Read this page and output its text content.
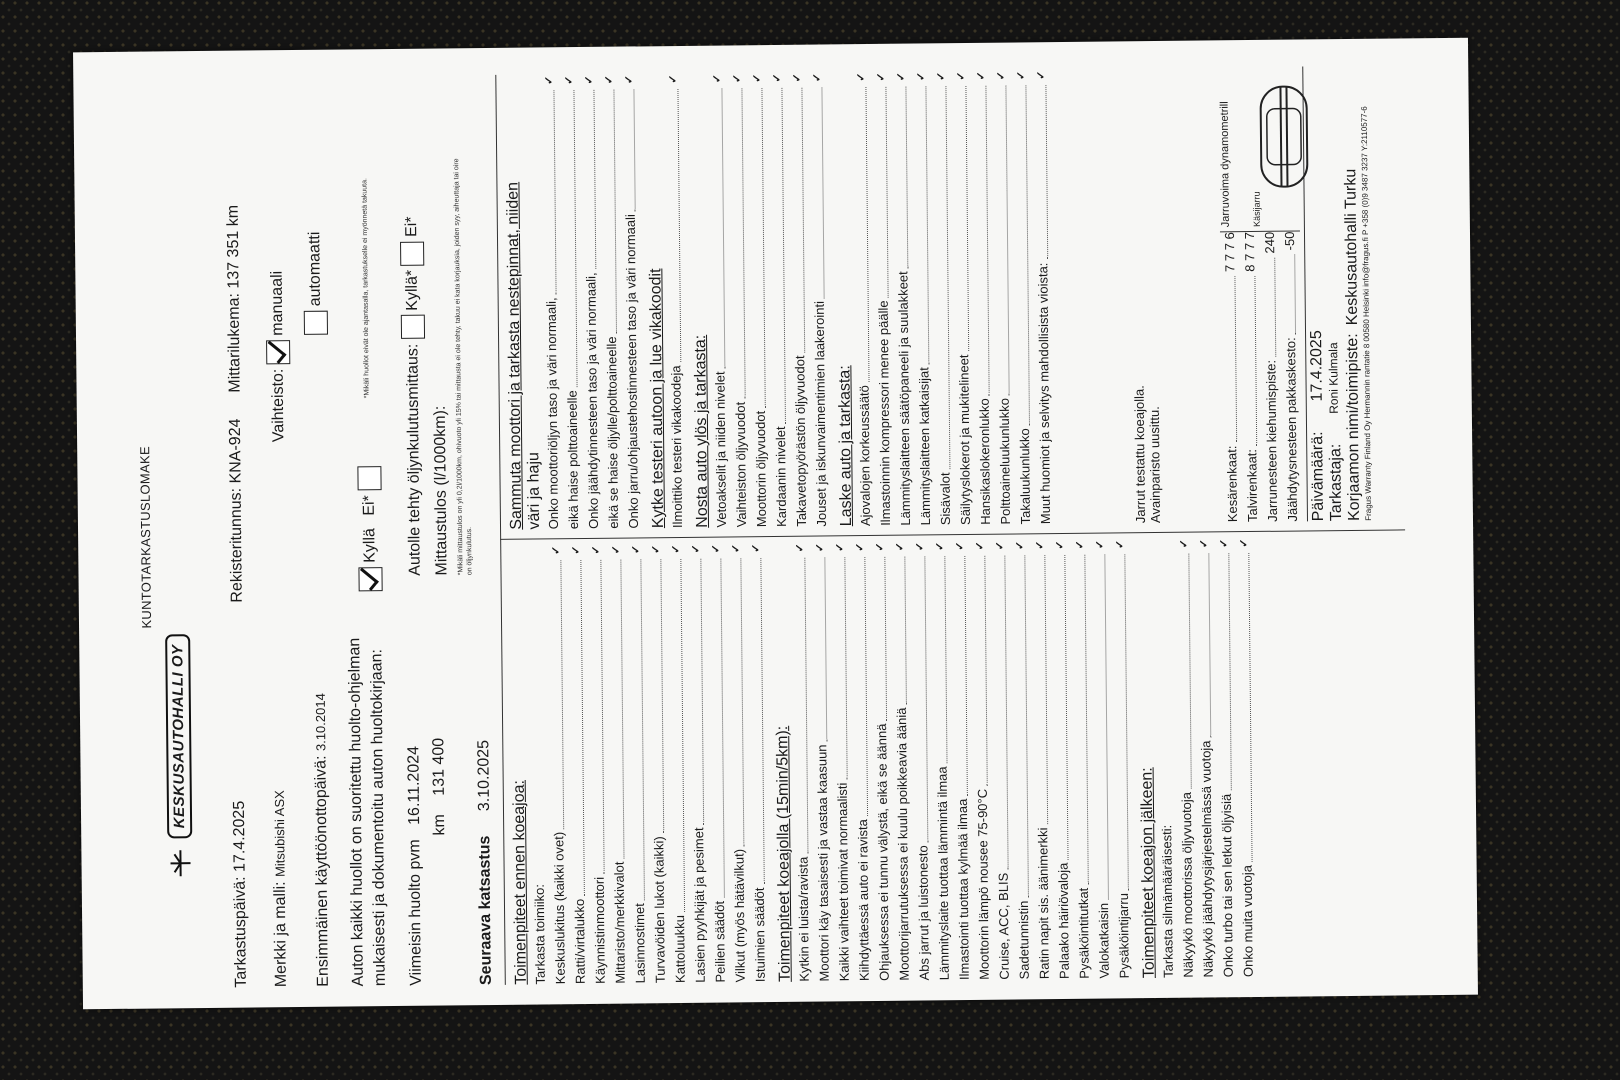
KUNTOTARKASTUSLOMAKE
KESKUSAUTOHALLI OY
Tarkastuspäivä: 17.4.2025
Rekisteritunnus: KNA-924
Mittarilukema: 137 351 km
Merkki ja malli: Mitsubishi ASX
Vaihteisto:  manuaali	automaatti
Ensimmäinen käyttöönottopäivä: 3.10.2014 Auton kaikki huollot on suoritettu huolto-ohjelman mukaisesti ja dokumentoitu auton huoltokirjaan:
Kyllä Ei*
*Mikäli huollot eivät ole ajantasalla, tarkastukselle ei myönnetä takuuta.
Viimeisin huolto pvm 16.11.2024 km 131 400
Autolle tehty öljynkulutusmittaus:  Kyllä*  Ei*
Mittaustulos (l/1000km): *Mikäli mittaustulos on yli 0,2l/1000km, ohivuoto yli 15% tai mittausta ei ole tehty, takuu ei kata korjauksia, joiden syy, aiheuttaja tai oire on öljynkulutus.
Seuraava katsastus 3.10.2025
Toimenpiteet ennen koeajoa: Tarkasta toimiiko: Keskuslukitus (kaikki ovet)
✓
Ratti/virtalukko
✓
Käynnistinmoottori
✓
Mittaristo/merkkivalot
✓
Lasinnostimet
✓
Turvavöiden lukot (kaikki)
✓
Kattoluukku
✓
Lasien pyyhkijät ja pesimet
✓
Peilien säädöt
✓
Vilkut (myös hätävilkut)
✓
Istuimien säädöt
✓
Toimenpiteet koeajolla (15min/5km): Kytkin ei luista/ravista
✓
Moottori käy tasaisesti ja vastaa kaasuun
✓
Kaikki vaihteet toimivat normaalisti
✓
Kiihdyttäessä auto ei ravista
✓
Ohjauksessa ei tunnu välystä, eikä se äännä
✓
Moottorijarrutuksessa ei kuulu poikkeavia ääniä
✓
Abs jarrut ja luistonesto
✓
Lämmityslaite tuottaa lämmintä ilmaa
✓
Ilmastointi tuottaa kylmää ilmaa
✓
Moottorin lämpö nousee 75-90°C
✓
Cruise, ACC, BLIS
✓
Sadetunnistin
✓
Ratin napit sis. äänimerkki
✓
Palaako häiriövaloja
✓
Pysäköintitutkat
✓
Valokatkaisin
✓
Pysäköintijarru
✓
Toimenpiteet koeajon jälkeen: Tarkasta silmämääräisesti: Näkyykö moottorissa öljyvuotoja
✓
Näkyykö jäähdytysjärjestelmässä vuotoja
✓
Onko turbo tai sen letkut öljyisiä
✓
Onko muita vuotoja
✓
Sammuta moottori ja tarkasta nestepinnat, niiden väri ja haju Onko moottoriöljyn taso ja väri normaali,
✓
eikä haise polttoaineelle
✓
Onko jäähdytinnesteen taso ja väri normaali,
✓
eikä se haise öljylle/polttoaineelle
✓
Onko jarru/ohjaustehostinnesteen taso ja väri normaali
✓
Kytke testeri autoon ja lue vikakoodit Ilmoittiko testeri vikakoodeja
✓
Nosta auto ylös ja tarkasta: Vetoakselit ja niiden nivelet
✓
Vaihteiston öljyvuodot
✓
Moottorin öljyvuodot
✓
Kardaanin nivelet
✓
Takavetopyörästön öljyvuodot
✓
Jouset ja iskunvaimentimien laakerointi
✓
Laske auto ja tarkasta: Ajovalojen korkeussäätö
✓
Ilmastoinnin kompressori menee päälle
✓
Lämmityslaitteen säätöpaneeli ja suulakkeet
✓
Lämmityslaitteen katkaisijat
✓
Sisävalot
✓
Säilytyslokerot ja mukitelineet
✓
Hansikaslokeronlukko
✓
Polttoaineluukunlukko
✓
Takaluukunlukko
✓
Muut huomiot ja selvitys mahdollisista vioista:
✓
Jarrut testattu koeajolla.
Avainparisto uusittu.	Kesärenkaat:
7 7 7 6
Talvirenkaat:
8 7 7 7
Jarrunesteen kiehumispiste:
240
Jäähdytysnesteen pakkaskesto:
-50
Jarruvoima dynamometrill Käsijarru
Päivämäärä:
17.4.2025
Tarkastaja:
Roni Kulmala Korjaamon nimi/toimipiste:
Keskusautohalli Turku
Fragus Warranty Finland Oy Hermannin rantatie 8 00580 Helsinki info@fragus.fi P +358 (0)9 3487 3237 Y:2110577-6
